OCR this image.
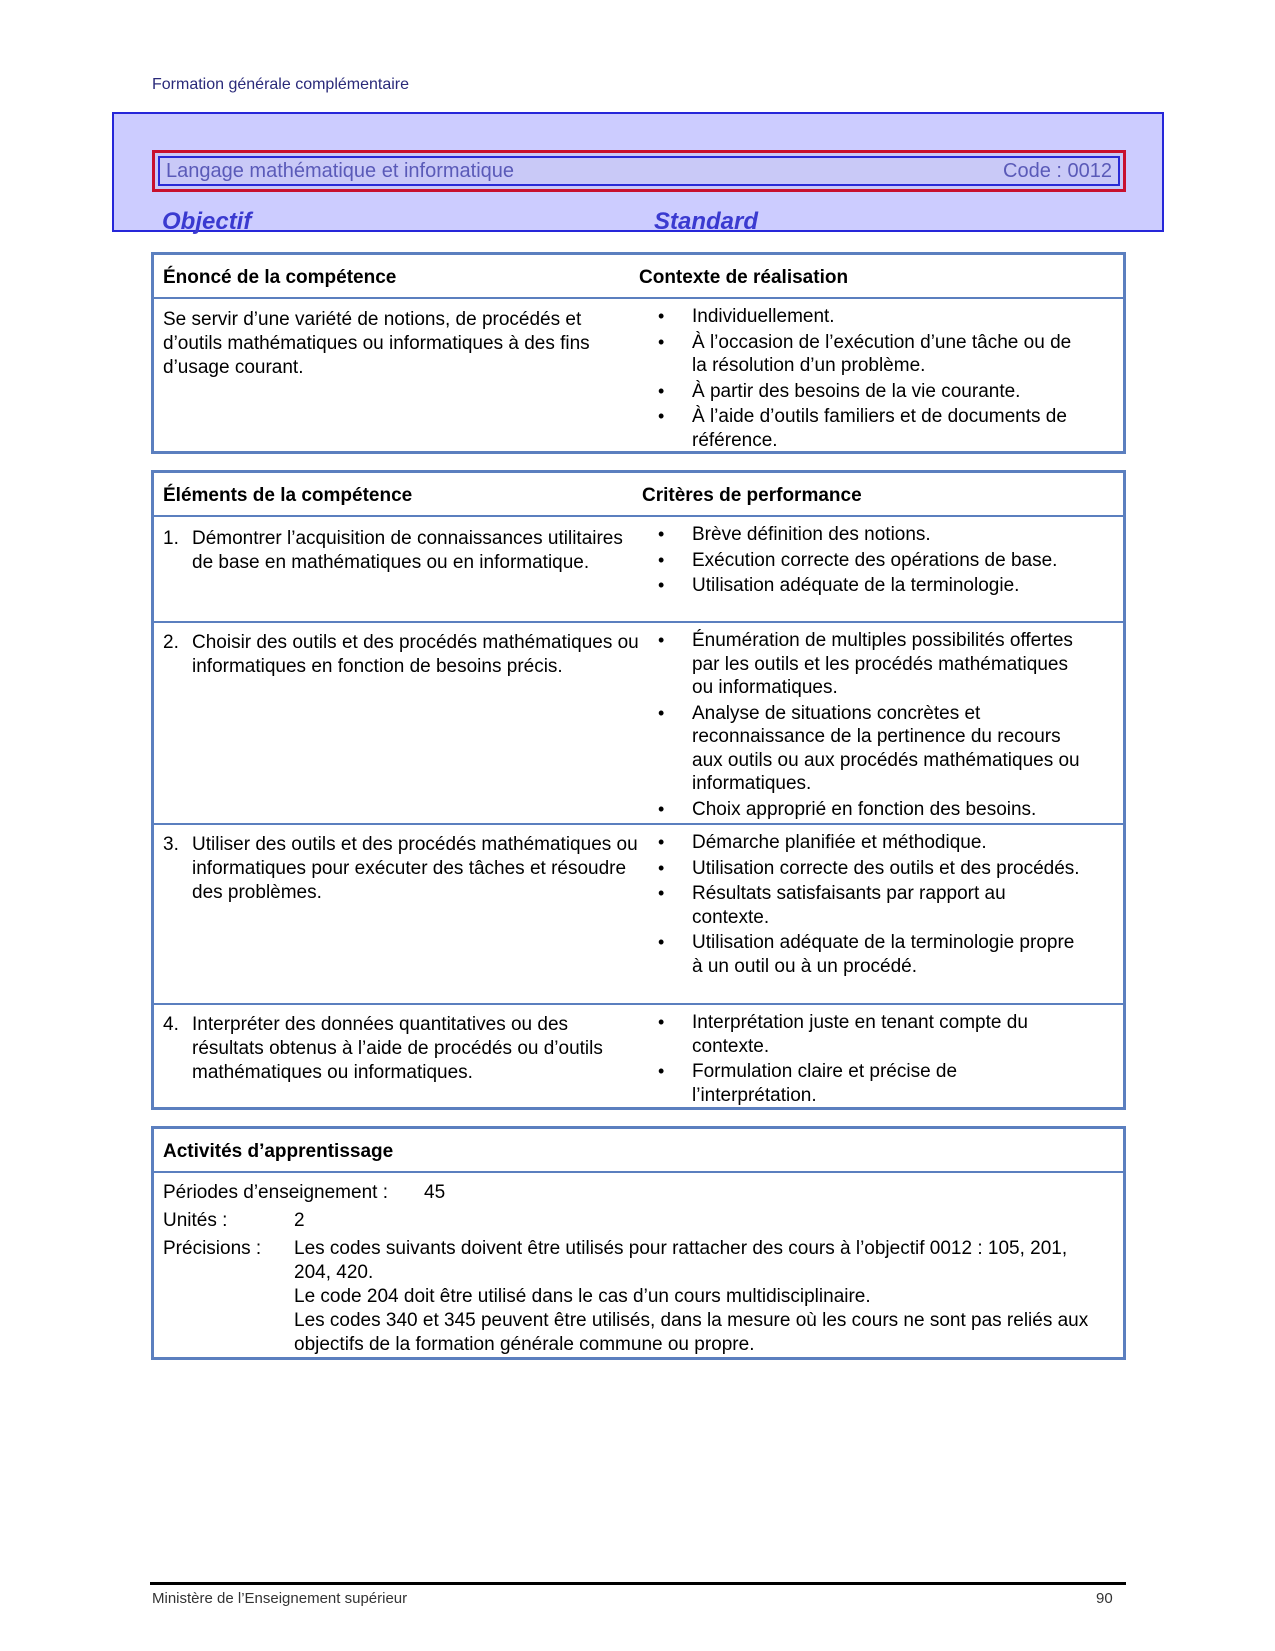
Formation générale complémentaire
Langage mathématique et informatique	Code : 0012
Objectif	Standard
Énoncé de la compétence	Contexte de réalisation
Se servir d’une variété de notions, de procédés et d’outils mathématiques ou informatiques à des fins d’usage courant.
• Individuellement.
• À l’occasion de l’exécution d’une tâche ou de la résolution d’un problème.
• À partir des besoins de la vie courante.
• À l’aide d’outils familiers et de documents de référence.
Éléments de la compétence	Critères de performance
1. Démontrer l’acquisition de connaissances utilitaires de base en mathématiques ou en informatique.
• Brève définition des notions.
• Exécution correcte des opérations de base.
• Utilisation adéquate de la terminologie.
2. Choisir des outils et des procédés mathématiques ou informatiques en fonction de besoins précis.
• Énumération de multiples possibilités offertes par les outils et les procédés mathématiques ou informatiques.
• Analyse de situations concrètes et reconnaissance de la pertinence du recours aux outils ou aux procédés mathématiques ou informatiques.
• Choix approprié en fonction des besoins.
3. Utiliser des outils et des procédés mathématiques ou informatiques pour exécuter des tâches et résoudre des problèmes.
• Démarche planifiée et méthodique.
• Utilisation correcte des outils et des procédés.
• Résultats satisfaisants par rapport au contexte.
• Utilisation adéquate de la terminologie propre à un outil ou à un procédé.
4. Interpréter des données quantitatives ou des résultats obtenus à l’aide de procédés ou d’outils mathématiques ou informatiques.
• Interprétation juste en tenant compte du contexte.
• Formulation claire et précise de l’interprétation.
Activités d’apprentissage
Périodes d’enseignement : 45
Unités :	2
Précisions : Les codes suivants doivent être utilisés pour rattacher des cours à l’objectif 0012 : 105, 201, 204, 420.
Le code 204 doit être utilisé dans le cas d’un cours multidisciplinaire.
Les codes 340 et 345 peuvent être utilisés, dans la mesure où les cours ne sont pas reliés aux objectifs de la formation générale commune ou propre.
Ministère de l’Enseignement supérieur	90
